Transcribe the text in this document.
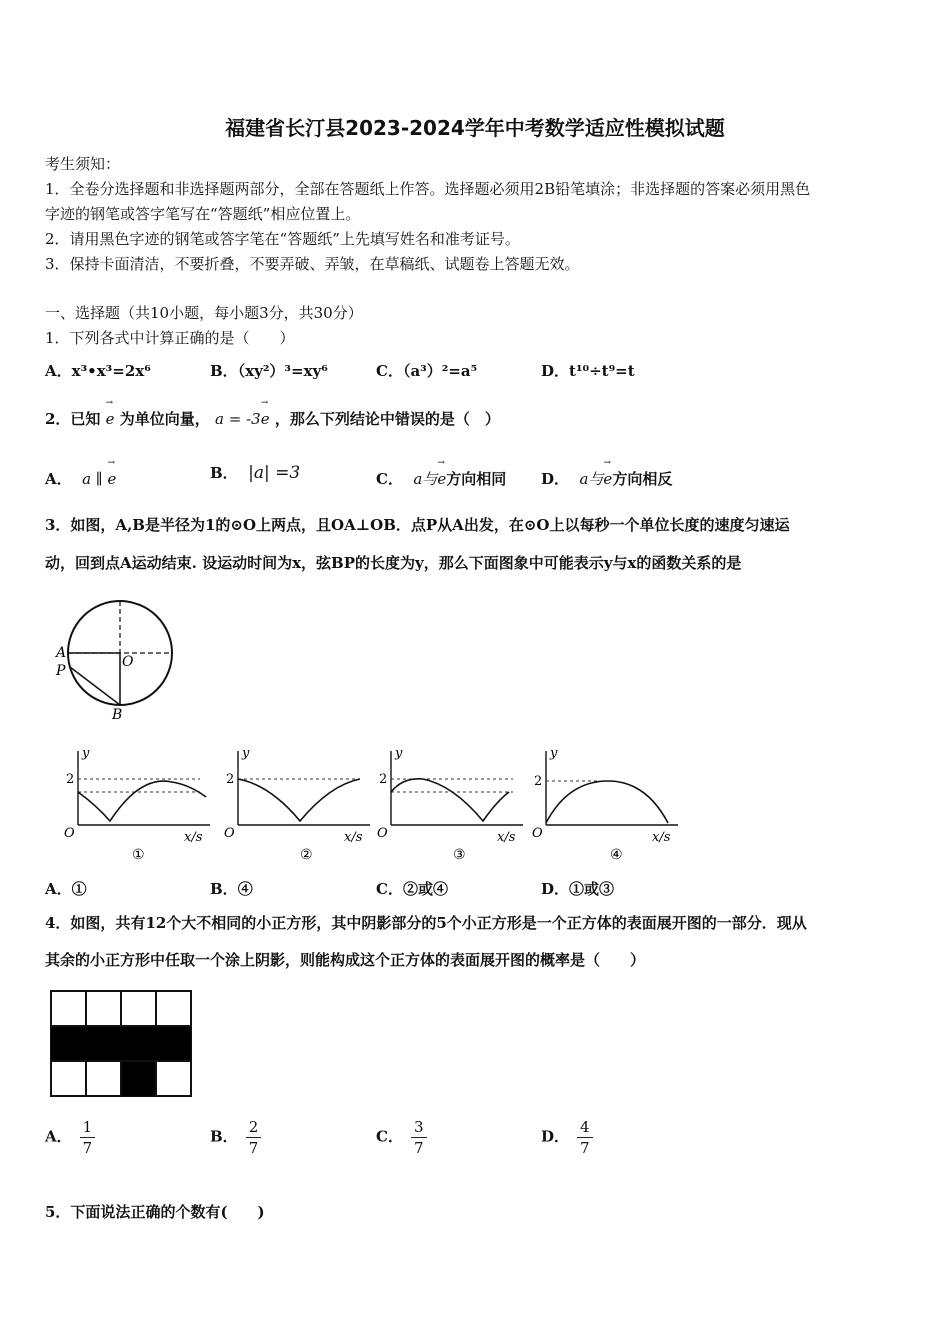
福建省长汀县2023-2024学年中考数学适应性模拟试题
考生须知：
1．全卷分选择题和非选择题两部分，全部在答题纸上作答。选择题必须用2B铅笔填涂；非选择题的答案必须用黑色
字迹的钢笔或答字笔写在“答题纸”相应位置上。
2．请用黑色字迹的钢笔或答字笔在“答题纸”上先填写姓名和准考证号。
3．保持卡面清洁，不要折叠，不要弄破、弄皱，在草稿纸、试题卷上答题无效。
一、选择题（共10小题，每小题3分，共30分）
1．下列各式中计算正确的是（　　）
A．x³•x³=2x⁶	B．（xy²）³=xy⁶	C．（a³）²=a⁵	D．t¹⁰÷t⁹=t
2．已知 → e 为单位向量， a = -3→ e ，那么下列结论中错误的是（　）
A． a ∥ → e	B． |a| =3	C． a与→ e方向相同 D． a与→ e方向相反
3．如图，A,B是半径为1的⊙O上两点，且OA⊥OB．点P从A出发，在⊙O上以每秒一个单位长度的速度匀速运
动，回到点A运动结束. 设运动时间为x，弦BP的长度为y，那么下面图象中可能表示y与x的函数关系的是
A
P
O
B
y
2
O	x/s
①
y
2
O	x/s
②
y
2
O	x/s
③
y
2
O	x/s
④
A．①	B．④	C．②或④	D．①或③
4．如图，共有12个大不相同的小正方形，其中阴影部分的5个小正方形是一个正方体的表面展开图的一部分．现从
其余的小正方形中任取一个涂上阴影，则能构成这个正方体的表面展开图的概率是（　　）
A． $\frac{1}{7}$	B． $\frac{2}{7}$	C． $\frac{3}{7}$	D． $\frac{4}{7}$
5．下面说法正确的个数有(　　)
